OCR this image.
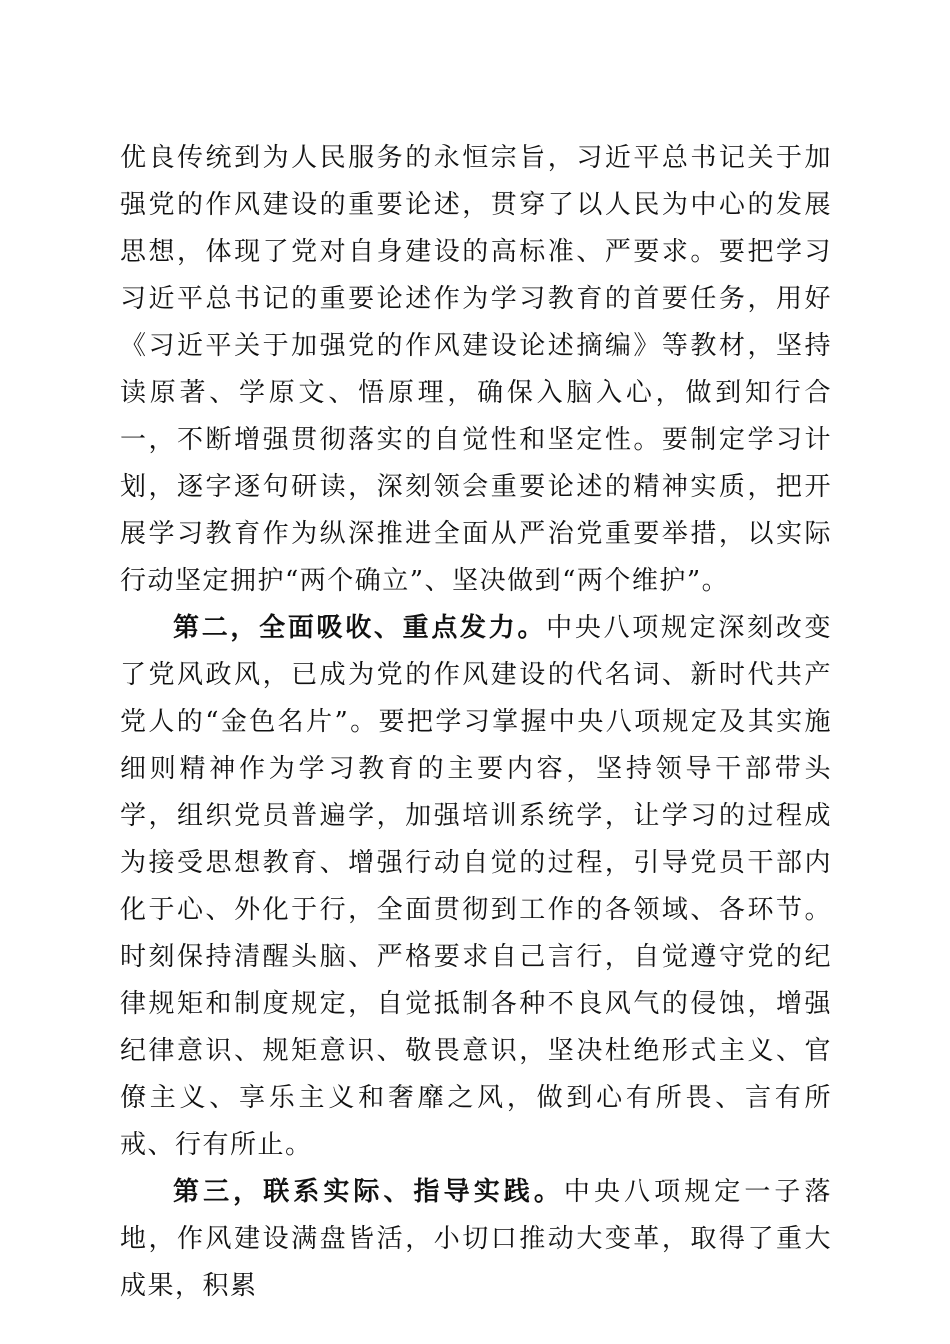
优良传统到为人民服务的永恒宗旨，习近平总书记关于加强党的作风建设的重要论述，贯穿了以人民为中心的发展思想，体现了党对自身建设的高标准、严要求。要把学习习近平总书记的重要论述作为学习教育的首要任务，用好《习近平关于加强党的作风建设论述摘编》等教材，坚持读原著、学原文、悟原理，确保入脑入心，做到知行合一，不断增强贯彻落实的自觉性和坚定性。要制定学习计划，逐字逐句研读，深刻领会重要论述的精神实质，把开展学习教育作为纵深推进全面从严治党重要举措，以实际行动坚定拥护“两个确立”、坚决做到“两个维护”。

第二，全面吸收、重点发力。中央八项规定深刻改变了党风政风，已成为党的作风建设的代名词、新时代共产党人的“金色名片”。要把学习掌握中央八项规定及其实施细则精神作为学习教育的主要内容，坚持领导干部带头学，组织党员普遍学，加强培训系统学，让学习的过程成为接受思想教育、增强行动自觉的过程，引导党员干部内化于心、外化于行，全面贯彻到工作的各领域、各环节。时刻保持清醒头脑、严格要求自己言行，自觉遵守党的纪律规矩和制度规定，自觉抵制各种不良风气的侵蚀，增强纪律意识、规矩意识、敬畏意识，坚决杜绝形式主义、官僚主义、享乐主义和奢靡之风，做到心有所畏、言有所戒、行有所止。

第三，联系实际、指导实践。中央八项规定一子落地，作风建设满盘皆活，小切口推动大变革，取得了重大成果，积累
